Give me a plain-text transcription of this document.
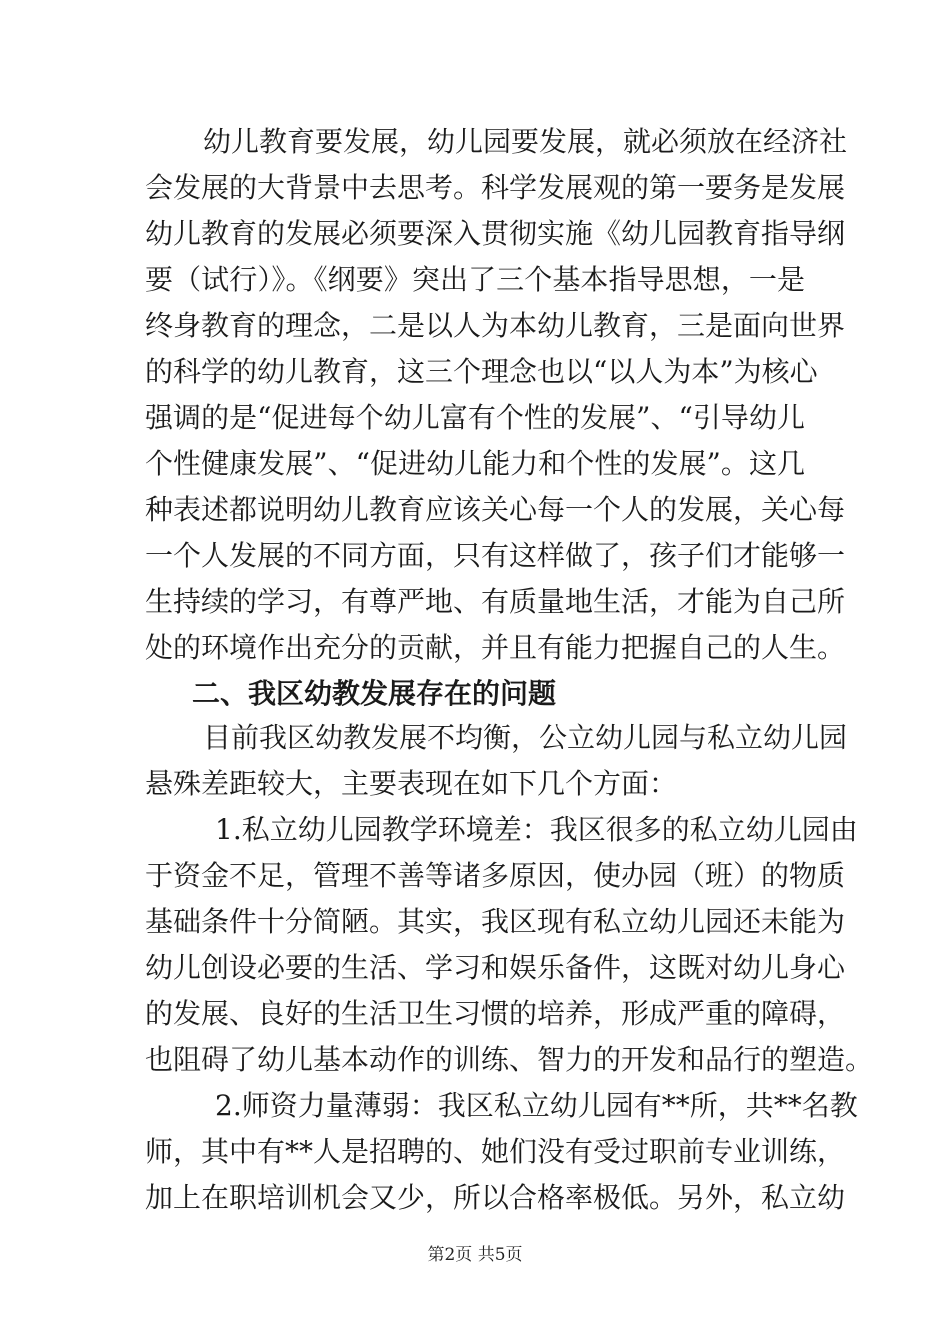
幼儿教育要发展，幼儿园要发展，就必须放在经济社
会发展的大背景中去思考。科学发展观的第一要务是发展
幼儿教育的发展必须要深入贯彻实施《幼儿园教育指导纲
要（试行）》。《纲要》突出了三个基本指导思想，一是
终身教育的理念，二是以人为本幼儿教育，三是面向世界
的科学的幼儿教育，这三个理念也以“以人为本”为核心
强调的是“促进每个幼儿富有个性的发展”、“引导幼儿
个性健康发展”、“促进幼儿能力和个性的发展”。这几
种表述都说明幼儿教育应该关心每一个人的发展，关心每
一个人发展的不同方面，只有这样做了，孩子们才能够一
生持续的学习，有尊严地、有质量地生活，才能为自己所
处的环境作出充分的贡献，并且有能力把握自己的人生。
二、我区幼教发展存在的问题
目前我区幼教发展不均衡，公立幼儿园与私立幼儿园
悬殊差距较大，主要表现在如下几个方面：
1.私立幼儿园教学环境差：我区很多的私立幼儿园由
于资金不足，管理不善等诸多原因，使办园（班）的物质
基础条件十分简陋。其实，我区现有私立幼儿园还未能为
幼儿创设必要的生活、学习和娱乐备件，这既对幼儿身心
的发展、良好的生活卫生习惯的培养，形成严重的障碍，
也阻碍了幼儿基本动作的训练、智力的开发和品行的塑造。
2.师资力量薄弱：我区私立幼儿园有**所，共**名教
师，其中有**人是招聘的、她们没有受过职前专业训练，
加上在职培训机会又少，所以合格率极低。另外，私立幼
第2页 共5页
